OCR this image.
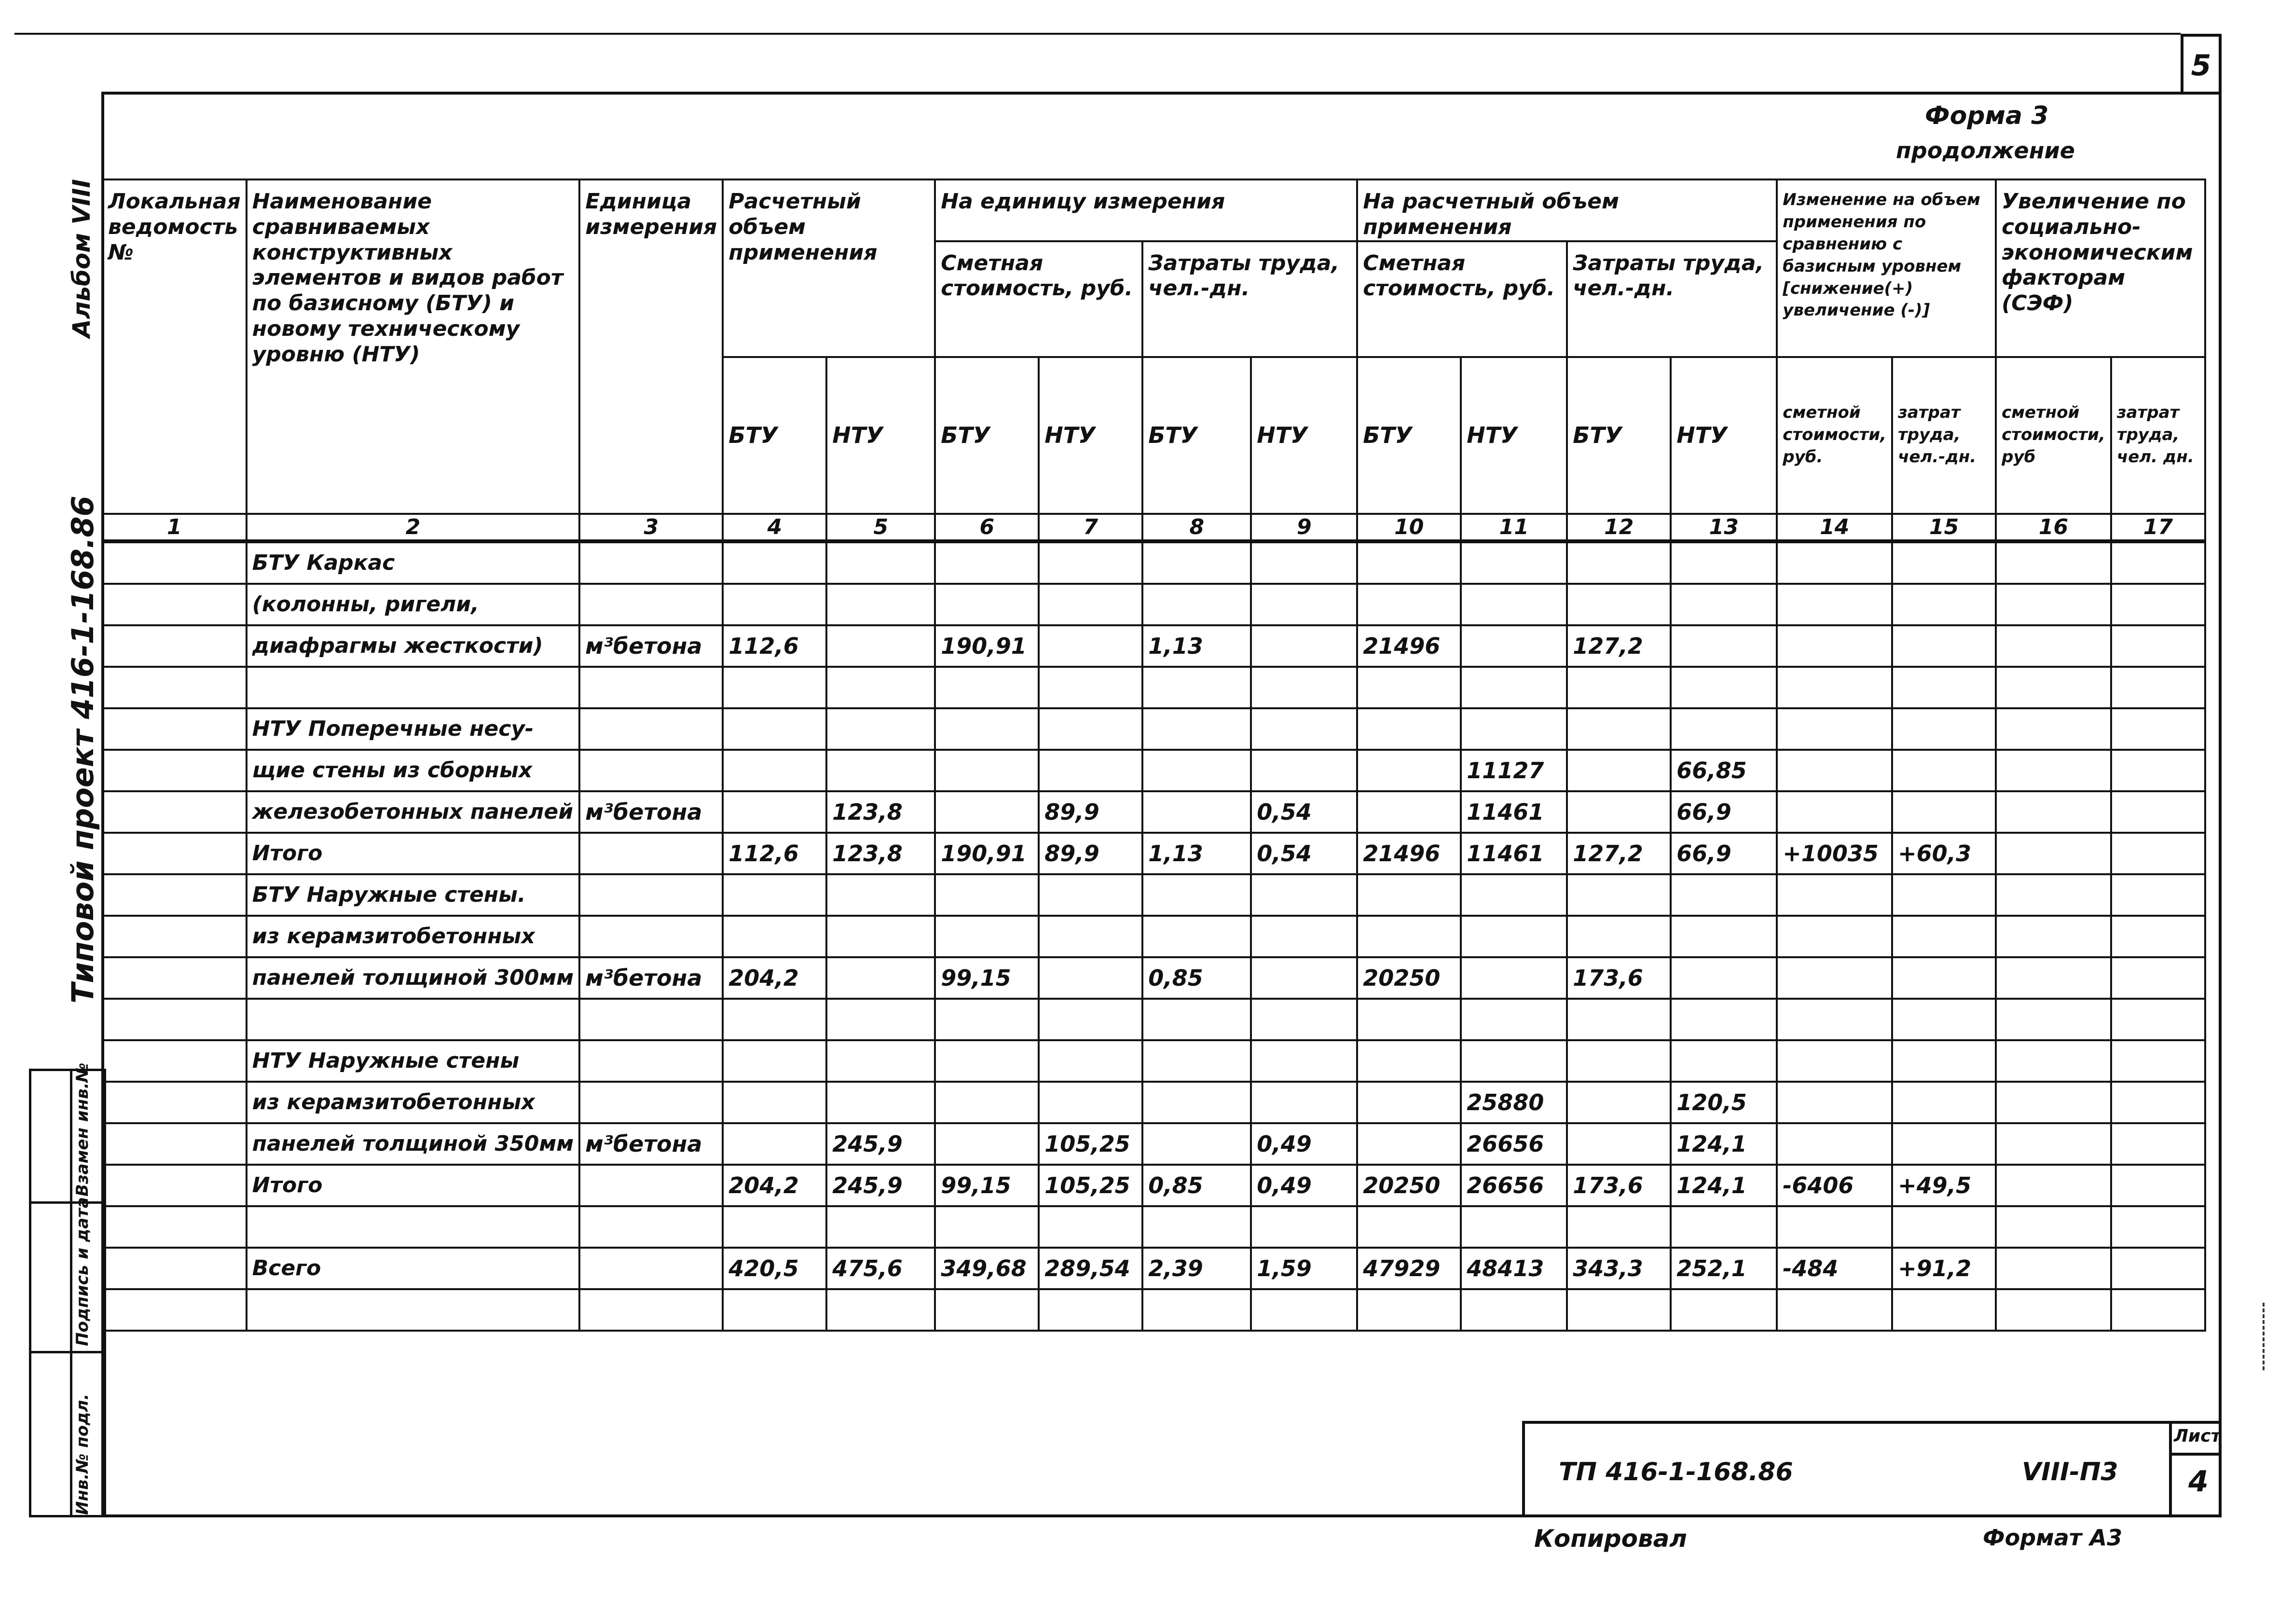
5
Форма 3
продолжение
Альбом VIII
Типовой проект 416-1-168.86
Взамен инв.№
Подпись и дата
Инв.№ подл.
Локальная ведомость №	Наименование сравниваемых конструктивных элементов и видов работ по базисному (БТУ) и новому техническому уровню (НТУ)	Единица измерения	Расчетный объем применения		На единицу измерения				На расчетный объем применения				Изменение на объем применения по сравнению с базисным уровнем [снижение(+) увеличение (-)]		Увеличение по социально-экономическим факторам (СЭФ)	
					Сметная стоимость, руб.		Затраты труда, чел.-дн.		Сметная стоимость, руб.		Затраты труда, чел.-дн.					
			БТУ	НТУ	БТУ	НТУ	БТУ	НТУ	БТУ	НТУ	БТУ	НТУ	сметной стоимости, руб.	затрат труда, чел.-дн.	сметной стоимости, руб	затрат труда, чел. дн.
1	2	3	4	5	6	7	8	9	10	11	12	13	14	15	16	17
	БТУ Каркас															
	(колонны, ригели,															
	диафрагмы жесткости)	м³бетона	112,6		190,91		1,13		21496		127,2					

	НТУ Поперечные несу-															
	щие стены из сборных									11127		66,85				
	железобетонных панелей	м³бетона		123,8		89,9		0,54		11461		66,9				
	Итого		112,6	123,8	190,91	89,9	1,13	0,54	21496	11461	127,2	66,9	+10035	+60,3		
	БТУ Наружные стены.															
	из керамзитобетонных															
	панелей толщиной 300мм	м³бетона	204,2		99,15		0,85		20250		173,6					

	НТУ Наружные стены															
	из керамзитобетонных									25880		120,5				
	панелей толщиной 350мм	м³бетона		245,9		105,25		0,49		26656		124,1				
	Итого		204,2	245,9	99,15	105,25	0,85	0,49	20250	26656	173,6	124,1	-6406	+49,5		

	Всего		420,5	475,6	349,68	289,54	2,39	1,59	47929	48413	343,3	252,1	-484	+91,2		

ТП 416-1-168.86	VIII-П3
Лист
4
Копировал	Формат А3
